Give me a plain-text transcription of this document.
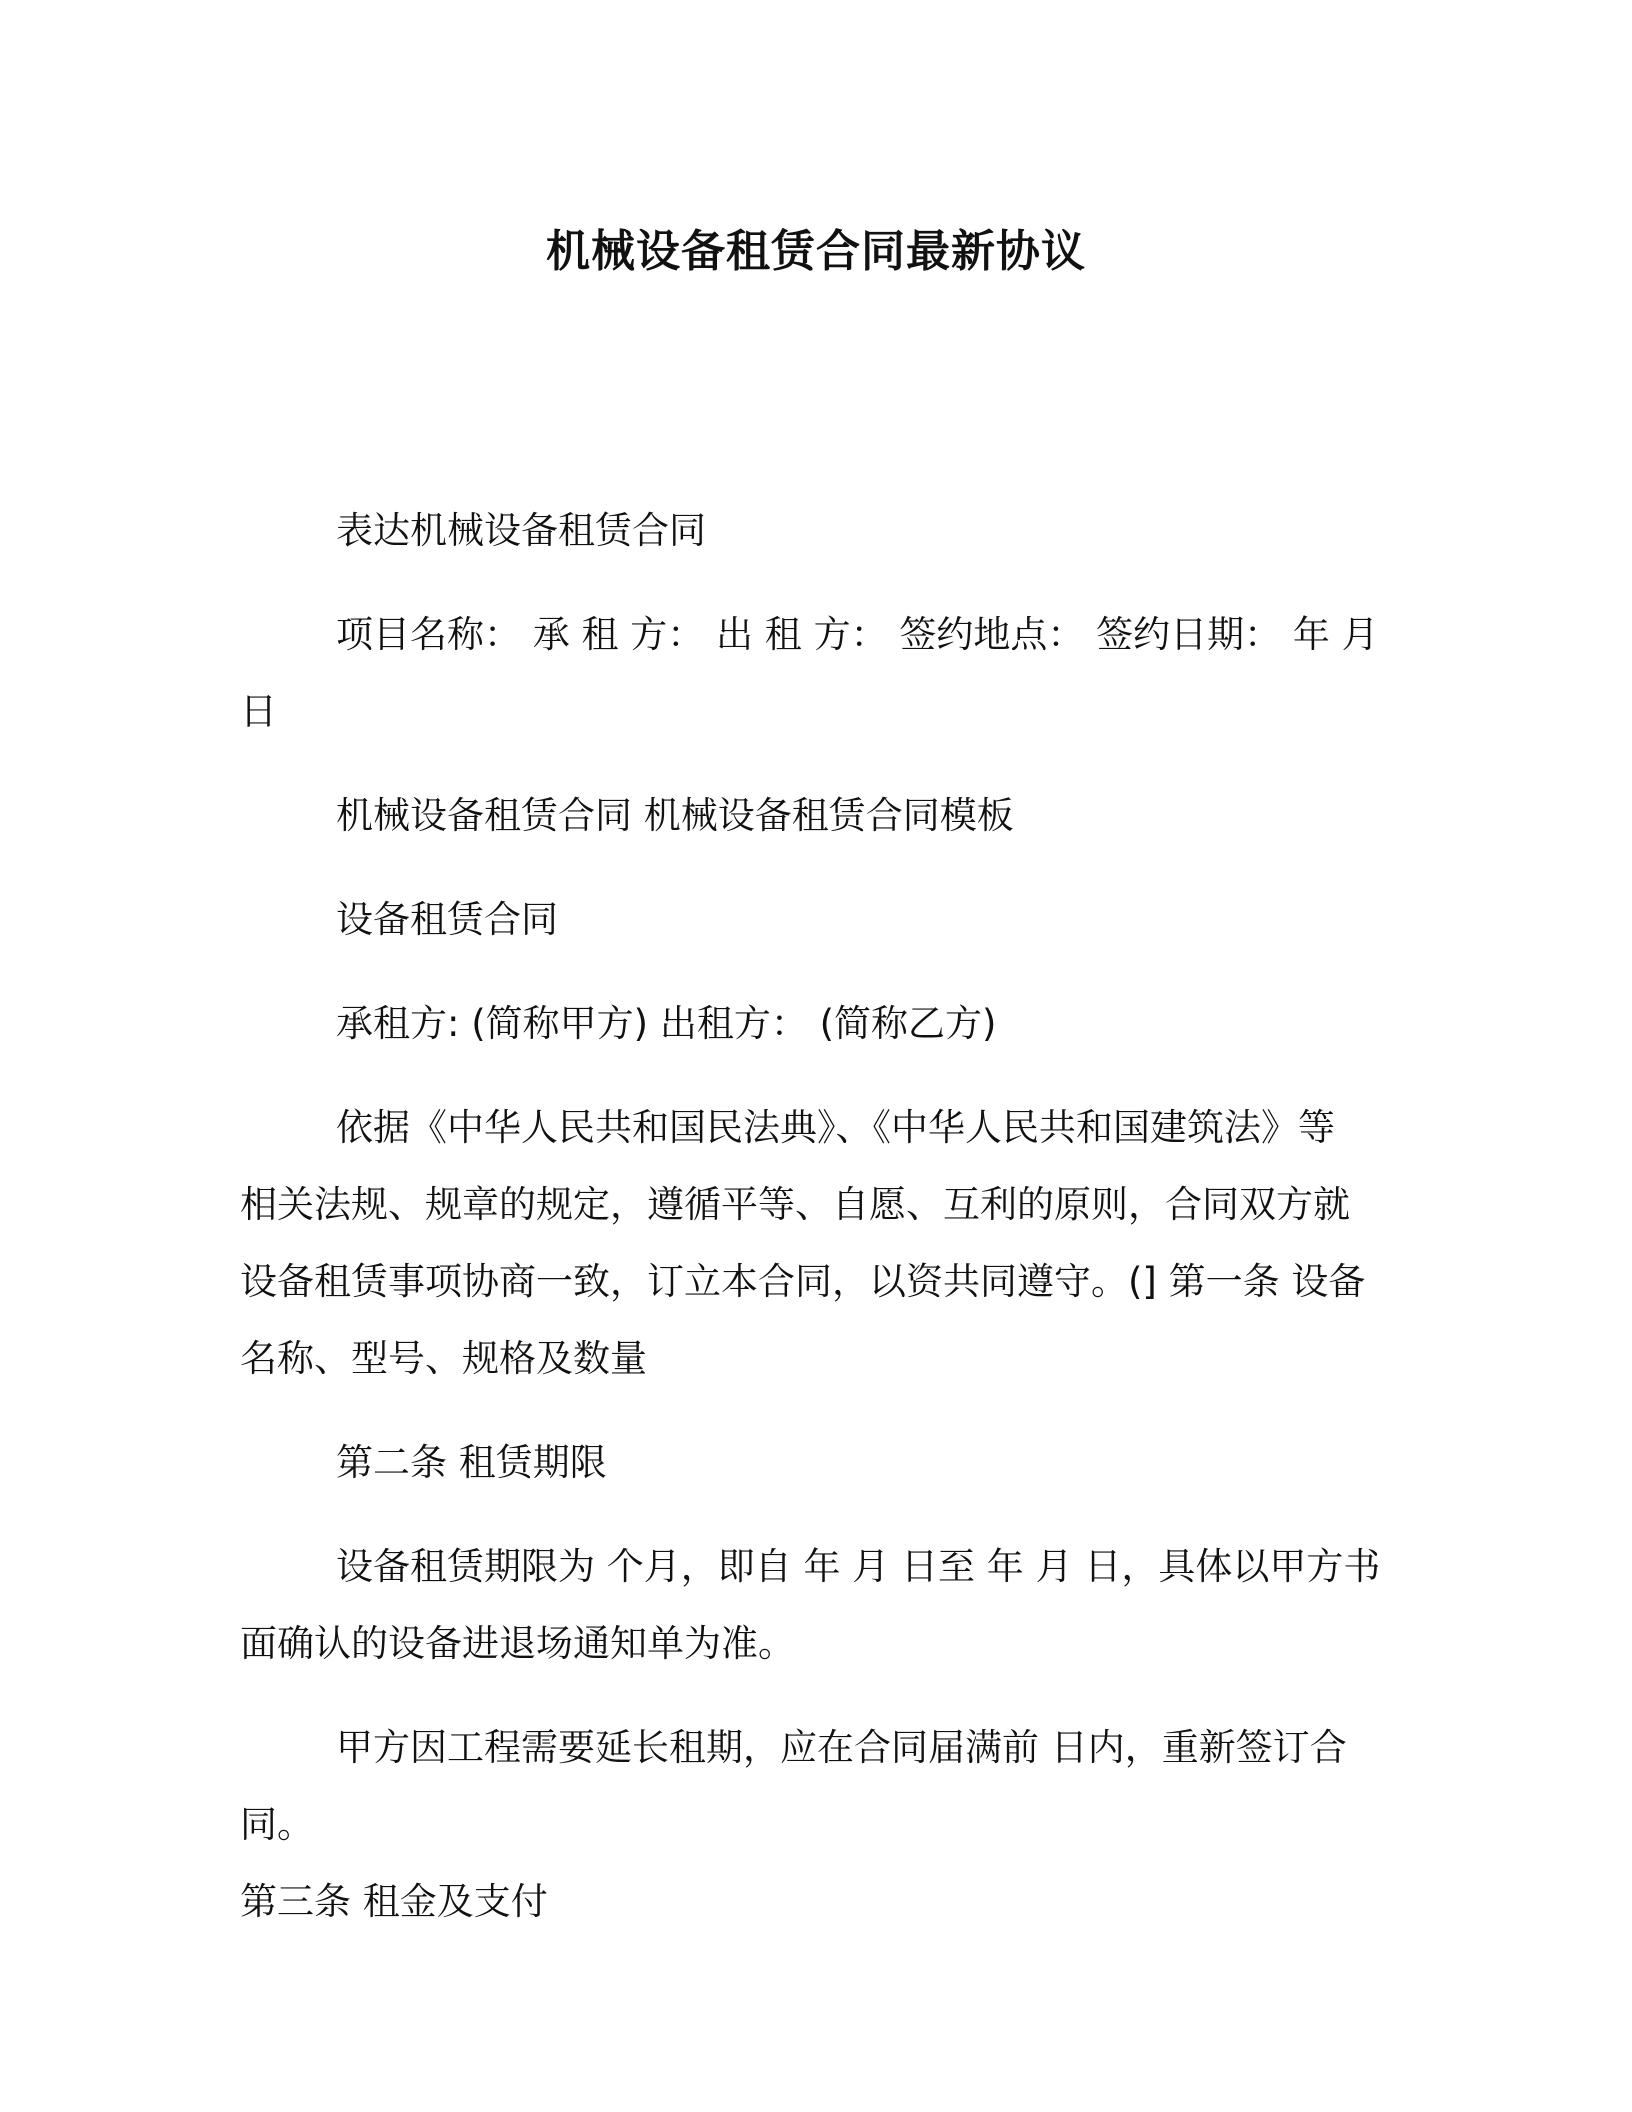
机械设备租赁合同最新协议

表达机械设备租赁合同

项目名称： 承 租 方： 出 租 方： 签约地点： 签约日期： 年 月
日

机械设备租赁合同 机械设备租赁合同模板

设备租赁合同

承租方: (简称甲方) 出租方： (简称乙方)

依据《中华人民共和国民法典》、《中华人民共和国建筑法》等
相关法规、规章的规定，遵循平等、自愿、互利的原则，合同双方就
设备租赁事项协商一致，订立本合同，以资共同遵守。(] 第一条 设备
名称、型号、规格及数量

第二条 租赁期限

设备租赁期限为 个月，即自 年 月 日至 年 月 日，具体以甲方书
面确认的设备进退场通知单为准。

甲方因工程需要延长租期，应在合同届满前 日内，重新签订合同。

第三条 租金及支付
